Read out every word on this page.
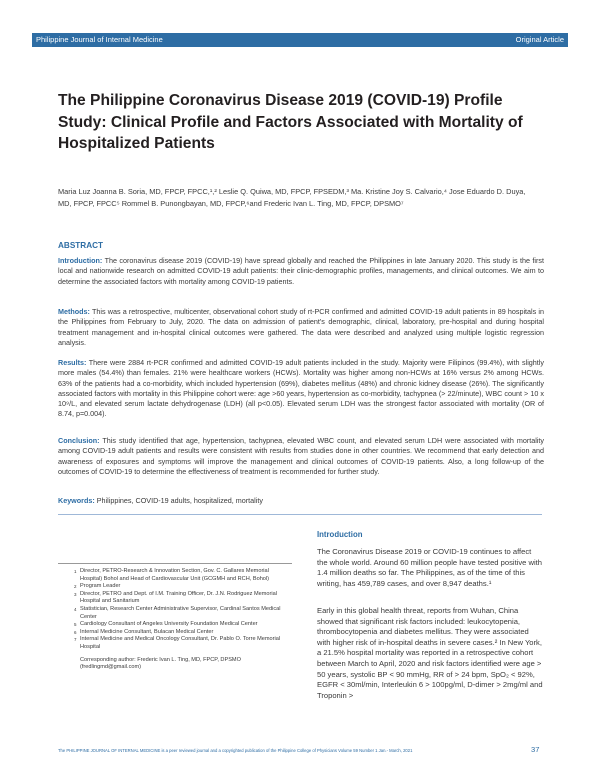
Philippine Journal of Internal Medicine	Original Article
The Philippine Coronavirus Disease 2019 (COVID-19) Profile Study: Clinical Profile and Factors Associated with Mortality of Hospitalized Patients
Maria Luz Joanna B. Soria, MD, FPCP, FPCC,¹,² Leslie Q. Quiwa, MD, FPCP, FPSEDM,³ Ma. Kristine Joy S. Calvario,⁴ Jose Eduardo D. Duya, MD, FPCP, FPCC⁵ Rommel B. Punongbayan, MD, FPCP,⁶and Frederic Ivan L. Ting, MD, FPCP, DPSMO⁷
ABSTRACT

Introduction: The coronavirus disease 2019 (COVID-19) have spread globally and reached the Philippines in late January 2020. This study is the first local and nationwide research on admitted COVID-19 adult patients: their clinic-demographic profiles, managements, and clinical outcomes. We aim to determine the associated factors with mortality among COVID-19 patients.

Methods: This was a retrospective, multicenter, observational cohort study of rt-PCR confirmed and admitted COVID-19 adult patients in 89 hospitals in the Philippines from February to July, 2020. The data on admission of patient's demographic, clinical, laboratory, pre-hospital and during hospital treatment management and in-hospital clinical outcomes were gathered. The data were described and analyzed using multiple logistic regression analysis.

Results: There were 2884 rt-PCR confirmed and admitted COVID-19 adult patients included in the study. Majority were Filipinos (99.4%), with slightly more males (54.4%) than females. 21% were healthcare workers (HCWs). Mortality was higher among non-HCWs at 16% versus 2% among HCWs. 63% of the patients had a co-morbidity, which included hypertension (69%), diabetes mellitus (48%) and chronic kidney disease (26%). The significantly associated factors with mortality in this Philippine cohort were: age >60 years, hypertension as co-morbidity, tachypnea (> 22/minute), WBC count > 10 x 10⁹/L, and elevated serum lactate dehydrogenase (LDH) (all p<0.05). Elevated serum LDH was the strongest factor associated with mortality (OR of 8.74, p=0.004).

Conclusion: This study identified that age, hypertension, tachypnea, elevated WBC count, and elevated serum LDH were associated with mortality among COVID-19 adult patients and results were consistent with results from studies done in other countries. We recommend that early detection and awareness of exposures and symptoms will improve the management and clinical outcomes of COVID-19 patients. Also, a long follow-up of the outcomes of COVID-19 to determine the effectiveness of treatment is recommended for further study.

Keywords: Philippines, COVID-19 adults, hospitalized, mortality

1 Director, PETRO-Research & Innovation Section, Gov. C. Gallares Memorial Hospital) Bohol and Head of Cardiovascular Unit (GCGMH and RCH, Bohol)
2 Program Leader
3 Director, PETRO and Dept. of I.M. Training Officer, Dr. J.N. Rodriguez Memorial Hospital and Sanitarium
4 Statistician, Research Center Administrative Supervisor, Cardinal Santos Medical Center
5 Cardiology Consultant of Angeles University Foundation Medical Center
6 Internal Medicine Consultant, Bulacan Medical Center
7 Internal Medicine and Medical Oncology Consultant, Dr. Pablo O. Torre Memorial Hospital
Corresponding author: Frederic Ivan L. Ting, MD, FPCP, DPSMO (fredlingmd@gmail.com)
Introduction

The Coronavirus Disease 2019 or COVID-19 continues to affect the whole world. Around 60 million people have tested positive with 1.4 million deaths so far. The Philippines, as of the time of this writing, has 459,789 cases, and over 8,947 deaths.¹

Early in this global health threat, reports from Wuhan, China showed that significant risk factors included: leukocytopenia, thrombocytopenia and diabetes mellitus. They were associated with higher risk of in-hospital deaths in severe cases.² In New York, a 21.5% hospital mortality was reported in a retrospective cohort between March to April, 2020 and risk factors identified were age > 50 years, systolic BP < 90 mmHg, RR of > 24 bpm, SpO₂ < 92%, EGFR < 30ml/min, Interleukin 6 > 100pg/ml, D-dimer > 2mg/ml and Troponin >

The PHILIPPINE JOURNAL OF INTERNAL MEDICINE is a peer reviewed journal and a copyrighted publication of the Philippine College of Physicians Volume 59 Number 1 Jan.- March, 2021	37
